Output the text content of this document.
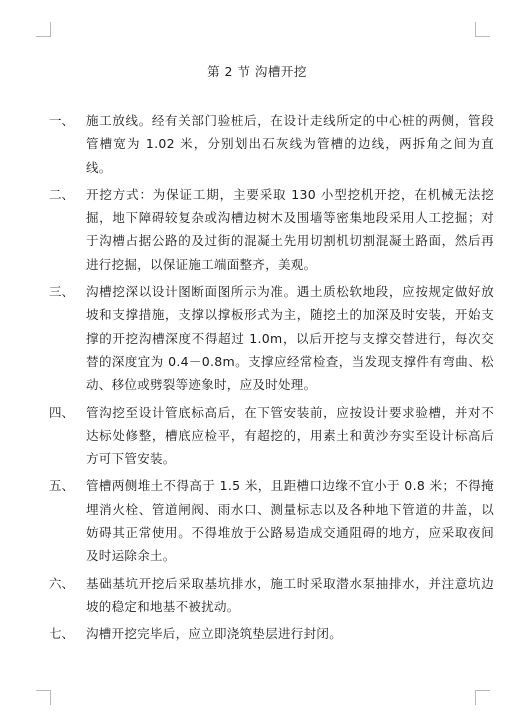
第 2 节 沟槽开挖
一、 施工放线。经有关部门验桩后，在设计走线所定的中心桩的两侧，管段管槽宽为 1.02 米，分别划出石灰线为管槽的边线，两拆角之间为直线。
二、 开挖方式：为保证工期，主要采取 130 小型挖机开挖，在机械无法挖掘，地下障碍较复杂或沟槽边树木及围墙等密集地段采用人工挖掘；对于沟槽占据公路的及过街的混凝土先用切割机切割混凝土路面，然后再进行挖掘，以保证施工端面整齐，美观。
三、 沟槽挖深以设计图断面图所示为准。遇土质松软地段，应按规定做好放坡和支撑措施，支撑以撑板形式为主，随挖土的加深及时安装，开始支撑的开挖沟槽深度不得超过 1.0m，以后开挖与支撑交替进行，每次交替的深度宜为 0.4－0.8m。支撑应经常检查，当发现支撑件有弯曲、松动、移位或劈裂等迹象时，应及时处理。
四、 管沟挖至设计管底标高后，在下管安装前，应按设计要求验槽，并对不达标处修整，槽底应检平，有超挖的，用素土和黄沙夯实至设计标高后方可下管安装。
五、 管槽两侧堆土不得高于 1.5 米，且距槽口边缘不宜小于 0.8 米；不得掩埋消火栓、管道闸阀、雨水口、测量标志以及各种地下管道的井盖，以妨碍其正常使用。不得堆放于公路易造成交通阻碍的地方，应采取夜间及时运除余土。
六、 基础基坑开挖后采取基坑排水，施工时采取潜水泵抽排水，并注意坑边坡的稳定和地基不被扰动。
七、 沟槽开挖完毕后，应立即浇筑垫层进行封闭。
